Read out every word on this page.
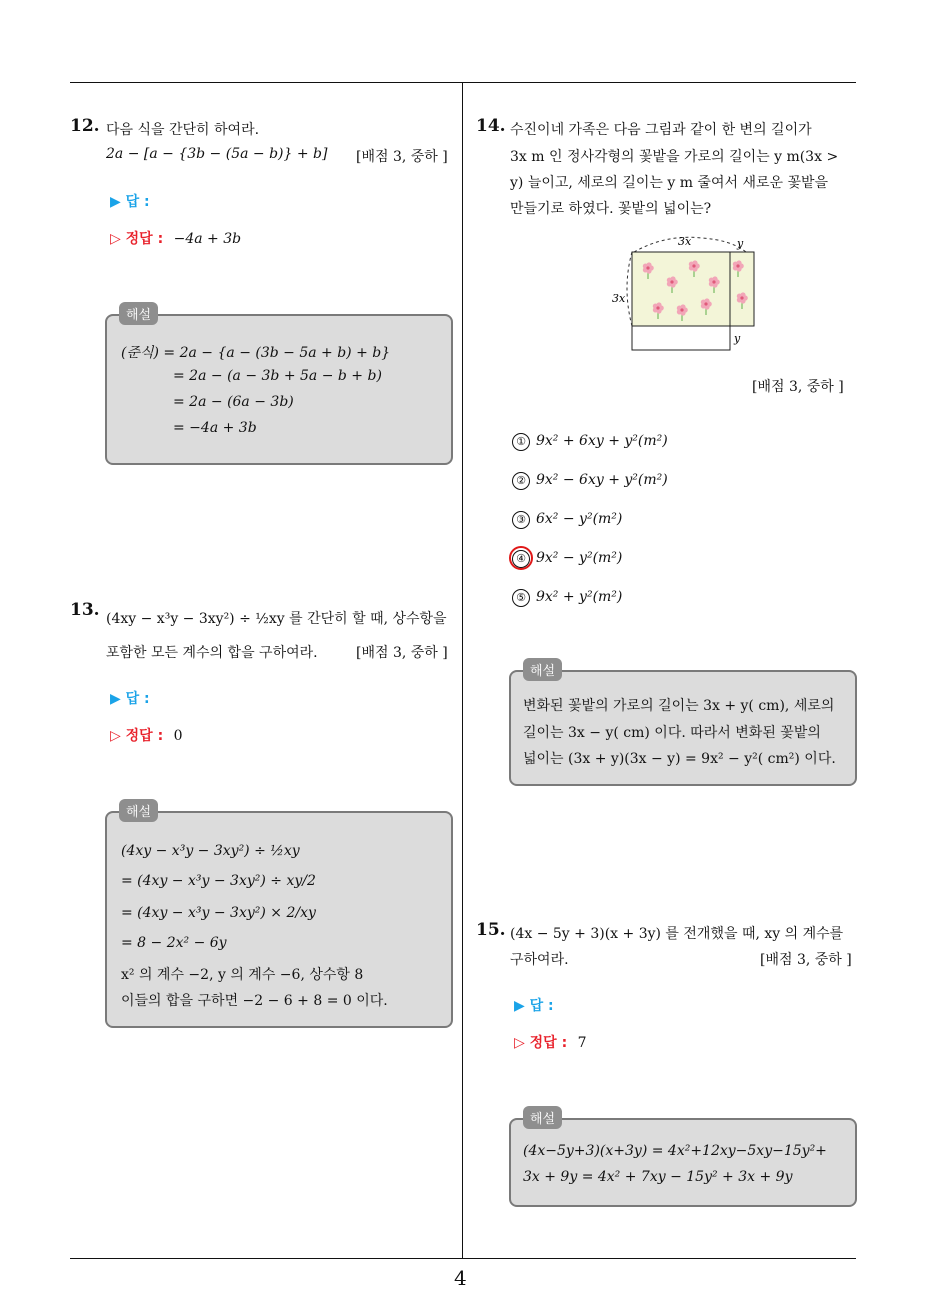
12. 다음 식을 간단히 하여라.
2a − [a − {3b − (5a − b)} + b] [배점 3, 중하 ]
▶ 답 :
▷ 정답 : −4a + 3b
(준식) = 2a − {a − (3b − 5a + b) + b}
= 2a − (a − 3b + 5a − b + b)
= 2a − (6a − 3b)
= −4a + 3b
해설
13. (4xy − x³y − 3xy²) ÷ ½xy 를 간단히 할 때, 상수항을
포함한 모든 계수의 합을 구하여라.	[배점 3, 중하 ]
▶ 답 :
▷ 정답 : 0
(4xy − x³y − 3xy²) ÷ ½xy
= (4xy − x³y − 3xy²) ÷ xy/2
= (4xy − x³y − 3xy²) × 2/xy
= 8 − 2x² − 6y
x² 의 계수 −2, y 의 계수 −6, 상수항 8
이들의 합을 구하면 −2 − 6 + 8 = 0 이다.
해설
14. 수진이네 가족은 다음 그림과 같이 한 변의 길이가
3x m 인 정사각형의 꽃밭을 가로의 길이는 y m(3x >
y) 늘이고, 세로의 길이는 y m 줄여서 새로운 꽃밭을
만들기로 하였다. 꽃밭의 넓이는?
3x
3x
y
y
[배점 3, 중하 ]
① 9x² + 6xy + y²(m²)
② 9x² − 6xy + y²(m²)
③ 6x² − y²(m²)
④ 9x² − y²(m²)
⑤ 9x² + y²(m²)
변화된 꽃밭의 가로의 길이는 3x + y( cm), 세로의
길이는 3x − y( cm) 이다. 따라서 변화된 꽃밭의
넓이는 (3x + y)(3x − y) = 9x² − y²( cm²) 이다.
해설
15. (4x − 5y + 3)(x + 3y) 를 전개했을 때, xy 의 계수를
구하여라.	[배점 3, 중하 ]
▶ 답 :
▷ 정답 : 7
(4x−5y+3)(x+3y) = 4x²+12xy−5xy−15y²+
3x + 9y = 4x² + 7xy − 15y² + 3x + 9y
해설
4
